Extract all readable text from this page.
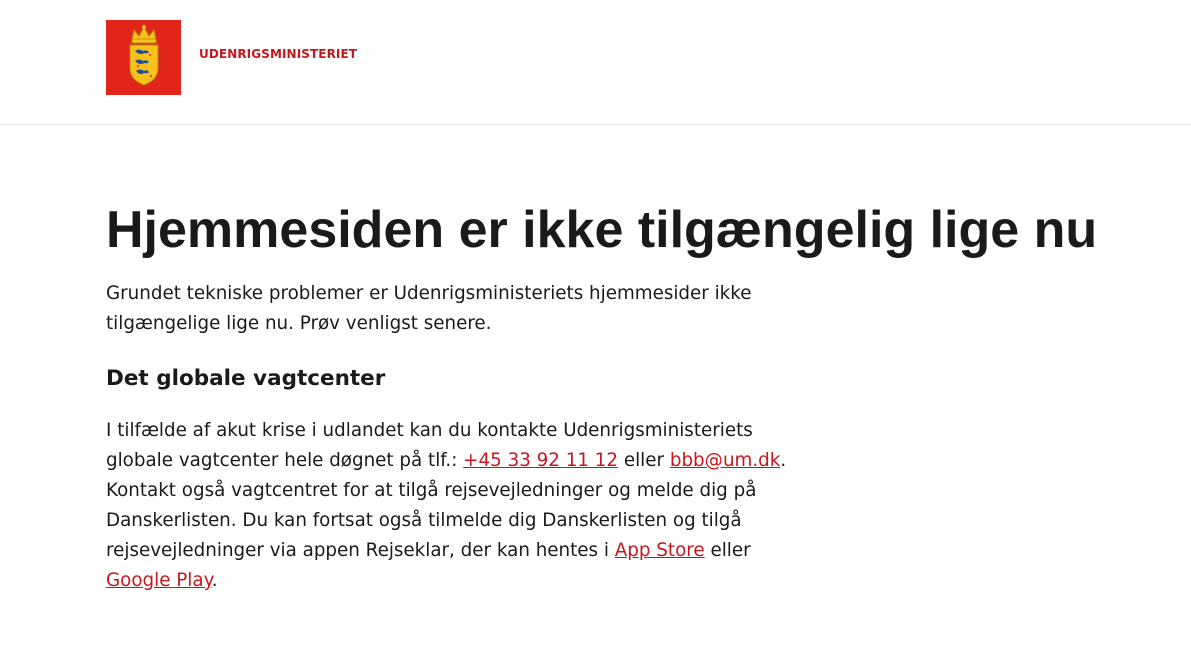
UDENRIGSMINISTERIET
Hjemmesiden er ikke tilgængelig lige nu

Grundet tekniske problemer er Udenrigsministeriets hjemmesider ikke tilgængelige lige nu. Prøv venligst senere.

Det globale vagtcenter

I tilfælde af akut krise i udlandet kan du kontakte Udenrigsministeriets globale vagtcenter hele døgnet på tlf.: +45 33 92 11 12 eller bbb@um.dk. Kontakt også vagtcentret for at tilgå rejsevejledninger og melde dig på Danskerlisten. Du kan fortsat også tilmelde dig Danskerlisten og tilgå rejsevejledninger via appen Rejseklar, der kan hentes i App Store eller Google Play.
